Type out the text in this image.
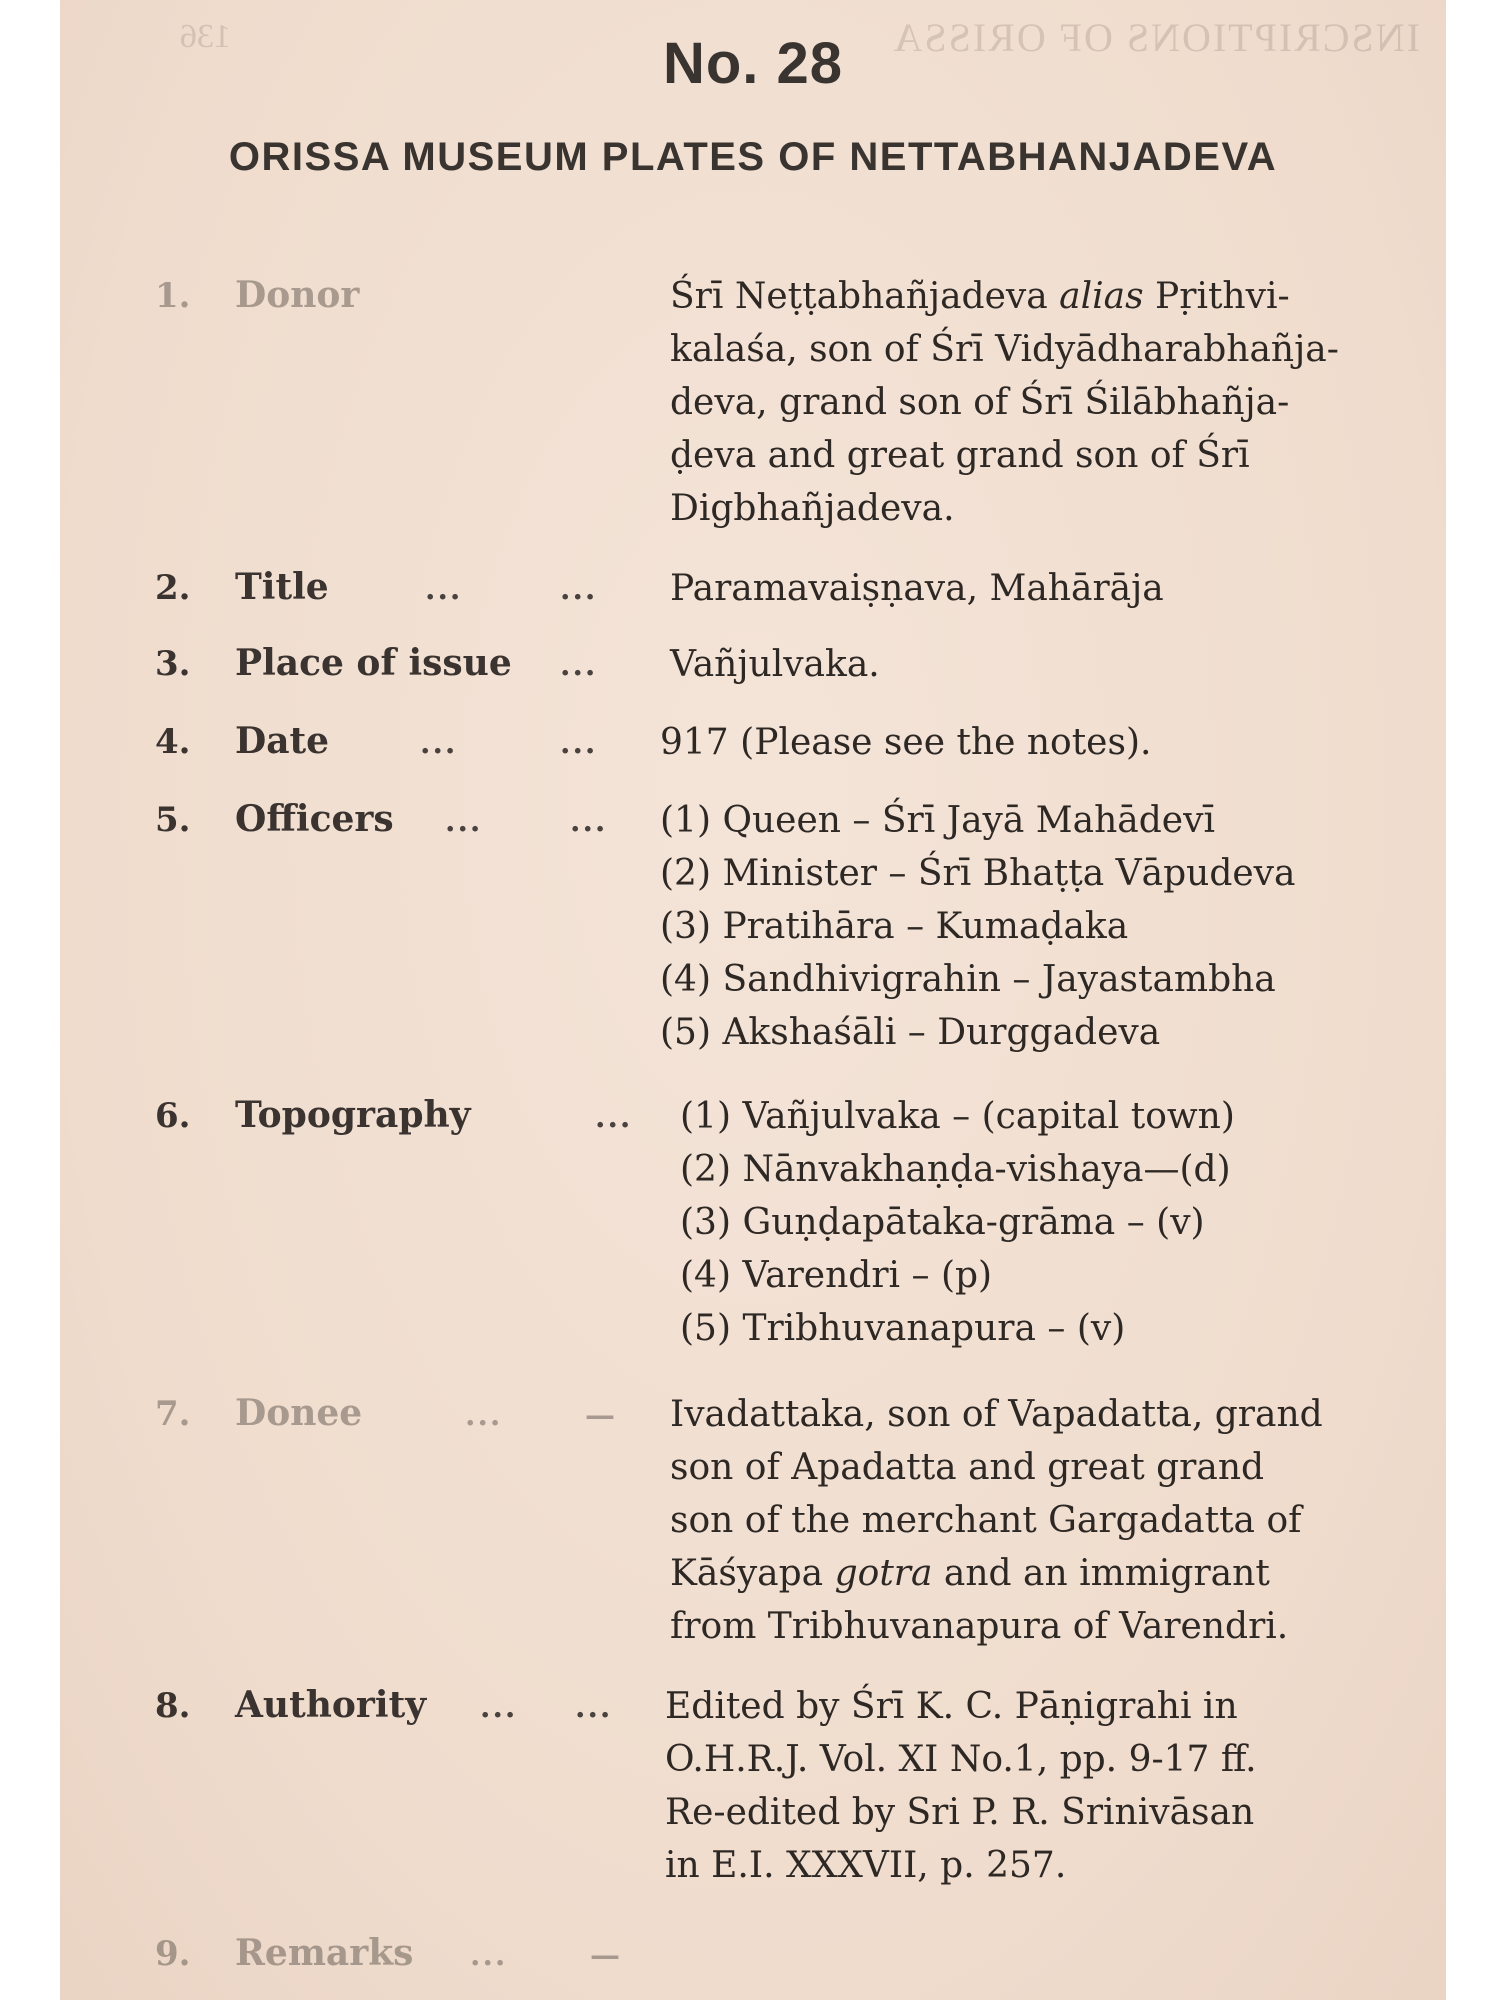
136	INSCRIPTIONS OF ORISSA
No. 28
ORISSA MUSEUM PLATES OF NETTABHANJADEVA
1. Donor	Śrī Neṭṭabhañjadeva alias Pṛithvi-
kalaśa, son of Śrī Vidyādharabhañja-
deva, grand son of Śrī Śilābhañja-
ḍeva and great grand son of Śrī
Digbhañjadeva.
2. Title	...	... Paramavaiṣṇava, Mahārāja
3. Place of issue ... Vañjulvaka.
4. Date	...	... 917 (Please see the notes).
5. Officers ...	... (1) Queen – Śrī Jayā Mahādevī
(2) Minister – Śrī Bhaṭṭa Vāpudeva
(3) Pratihāra – Kumaḍaka
(4) Sandhivigrahin – Jayastambha
(5) Akshaśāli – Durggadeva
6. Topography	... (1) Vañjulvaka – (capital town)
(2) Nānvakhaṇḍa-vishaya—(d)
(3) Guṇḍapātaka-grāma – (v)
(4) Varendri – (p)
(5) Tribhuvanapura – (v)
7. Donee	...	— Ivadattaka, son of Vapadatta, grand
son of Apadatta and great grand
son of the merchant Gargadatta of
Kāśyapa gotra and an immigrant
from Tribhuvanapura of Varendri.
8. Authority ... ... Edited by Śrī K. C. Pāṇigrahi in
O.H.R.J. Vol. XI No.1, pp. 9-17 ff.
Re-edited by Sri P. R. Srinivāsan
in E.I. XXXVII, p. 257.
9. Remarks ...	—
